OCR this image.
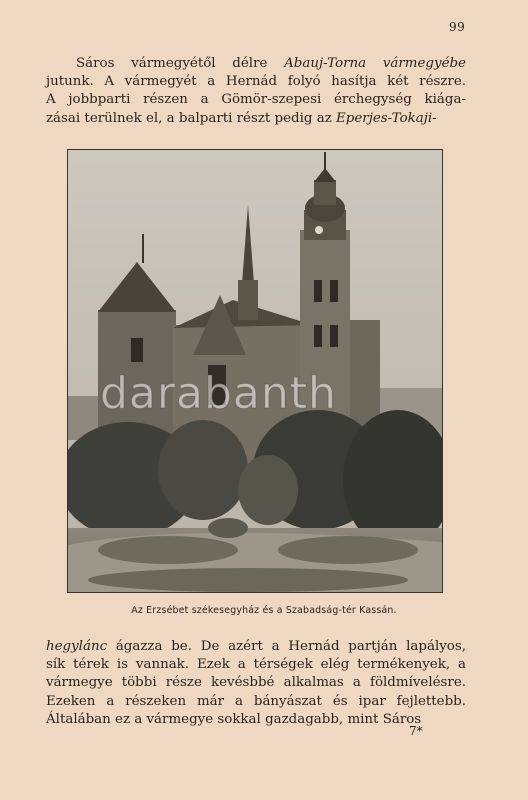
99
Sáros vármegyétől délre Abauj-Torna vármegyébe
jutunk. A vármegyét a Hernád folyó hasítja két részre.
A jobbparti részen a Gömör-szepesi érchegység kiága-
zásai terülnek el, a balparti részt pedig az Eperjes-Tokaji-
darabanth
Az Erzsébet székesegyház és a Szabadság-tér Kassán.
hegylánc ágazza be. De azért a Hernád partján lapályos,
sík térek is vannak. Ezek a térségek elég termékenyek, a
vármegye többi része kevésbbé alkalmas a földmívelésre.
Ezeken a részeken már a bányászat és ipar fejlettebb.
Általában ez a vármegye sokkal gazdagabb, mint Sáros
7*
